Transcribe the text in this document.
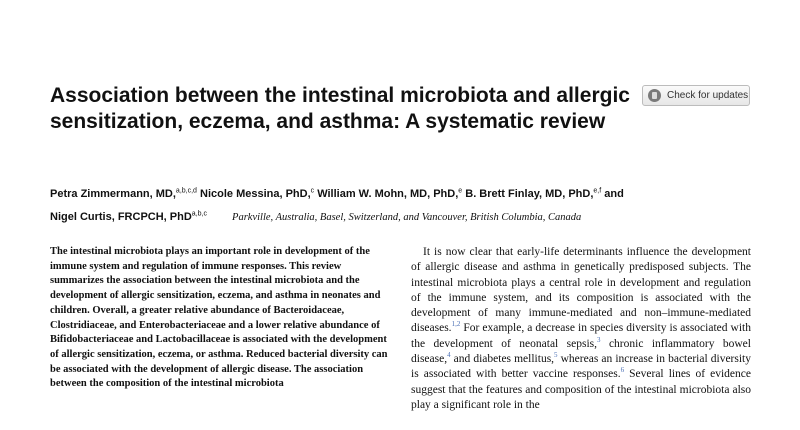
Association between the intestinal microbiota and allergic sensitization, eczema, and asthma: A systematic review
Check for updates
Petra Zimmermann, MD,$^{a,b,c,d}$ Nicole Messina, PhD,$^c$ William W. Mohn, MD, PhD,$^e$ B. Brett Finlay, MD, PhD,$^{e,f}$ and
Nigel Curtis, FRCPCH, PhD$^{a,b,c}$ Parkville, Australia, Basel, Switzerland, and Vancouver, British Columbia, Canada

The intestinal microbiota plays an important role in development of the immune system and regulation of immune responses. This review summarizes the association between the intestinal microbiota and the development of allergic sensitization, eczema, and asthma in neonates and children. Overall, a greater relative abundance of Bacteroidaceae, Clostridiaceae, and Enterobacteriaceae and a lower relative abundance of Bifidobacteriaceae and Lactobacillaceae is associated with the development of allergic sensitization, eczema, or asthma. Reduced bacterial diversity can be associated with the development of allergic disease. The association between the composition of the intestinal microbiota

It is now clear that early-life determinants influence the development of allergic disease and asthma in genetically predisposed subjects. The intestinal microbiota plays a central role in development and regulation of the immune system, and its composition is associated with the development of many immune-mediated and non–immune-mediated diseases.$^{1,2}$ For example, a decrease in species diversity is associated with the development of neonatal sepsis,$^3$ chronic inflammatory bowel disease,$^4$ and diabetes mellitus,$^5$ whereas an increase in bacterial diversity is associated with better vaccine responses.$^6$ Several lines of evidence suggest that the features and composition of the intestinal microbiota also play a significant role in the
